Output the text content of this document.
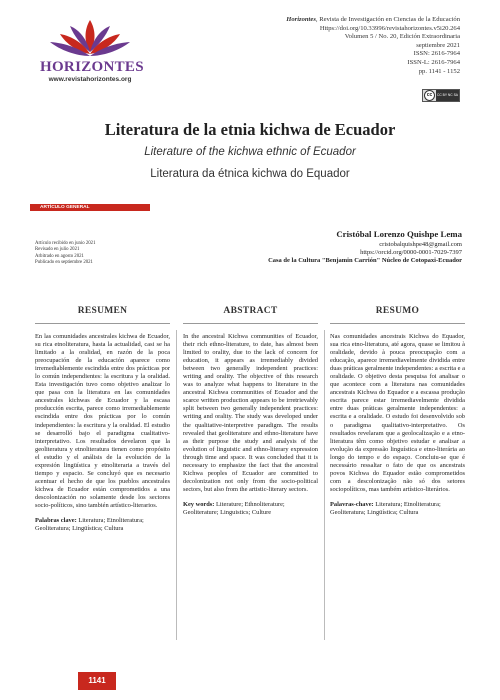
HORIZONTES
www.revistahorizontes.org
Horizontes, Revista de Investigación en Ciencias de la Educación
Https://doi.org/10.33996/revistahorizontes.v5i20.264
Volumen 5 / No. 20, Edición Extraordinaria
septiembre 2021
ISSN: 2616-7964
ISSN-L: 2616-7964
pp. 1141 - 1152
cc	CC BY NC SA
Literatura de la etnia kichwa de Ecuador
Literature of the kichwa ethnic of Ecuador
Literatura da étnica kichwa do Equador
ARTÍCULO GENERAL
Artículo recibido en junio 2021
Revisado en julio 2021
Arbitrado en agosto 2021
Publicado en septiembre 2021
Cristóbal Lorenzo Quishpe Lema
cristobalquishpe48@gmail.com
https://orcid.org/0000-0001-7029-7397
Casa de la Cultura "Benjamin Carrión" Núcleo de Cotopaxi-Ecuador
RESUMEN	ABSTRACT	RESUMO
En las comunidades ancestrales kichwa de Ecuador, su rica etnoliteratura, hasta la actualidad, casi se ha limitado a la oralidad, en razón de la poca preocupación de la educación aparece como irremediablemente escindida entre dos prácticas por lo común independientes: la escritura y la oralidad. Esta investigación tuvo como objetivo analizar lo que pasa con la literatura en las comunidades ancestrales kichwas de Ecuador y la escasa producción escrita, parece como irremediablemente escindida entre dos prácticas por lo común independientes: la escritura y la oralidad. El estudio se desarrolló bajo el paradigma cualitativo-interpretativo. Los resultados develaron que la geoliteratura y etnoliteratura tienen como propósito el estudio y el análisis de la evolución de la expresión lingüística y etnoliteraria a través del tiempo y espacio. Se concluyó que es necesario acentuar el hecho de que los pueblos ancestrales kichwa de Ecuador están comprometidos a una descolonización no solamente desde los sectores socio-políticos, sino también artístico-literarios.
Palabras clave: Literatura; Etnoliteratura; Geoliteratura; Lingüística; Cultura
In the ancestral Kichwa communities of Ecuador, their rich ethno-literature, to date, has almost been limited to orality, due to the lack of concern for education, it appears as irremediably divided between two generally independent practices: writing and orality. The objective of this research was to analyze what happens to literature in the ancestral Kichwa communities of Ecuador and the scarce written production appears to be irretrievably split between two generally independent practices: writing and orality. The study was developed under the qualitative-interpretive paradigm. The results revealed that geoliterature and ethno-literature have as their purpose the study and analysis of the evolution of linguistic and ethno-literary expression through time and space. It was concluded that it is necessary to emphasize the fact that the ancestral Kichwa peoples of Ecuador are committed to decolonization not only from the socio-political sectors, but also from the artistic-literary sectors.
Key words: Literature; Ethnoliterature; Geoliterature; Linguistics; Culture
Nas comunidades ancestrais Kichwa do Equador, sua rica etno-literatura, até agora, quase se limitou à oralidade, devido à pouca preocupação com a educação, aparece irremediavelmente dividida entre duas práticas geralmente independentes: a escrita e a oralidade. O objetivo desta pesquisa foi analisar o que acontece com a literatura nas comunidades ancestrais Kichwa do Equador e a escassa produção escrita parece estar irremediavelmente dividida entre duas práticas geralmente independentes: a escrita e a oralidade. O estudo foi desenvolvido sob o paradigma qualitativo-interpretativo. Os resultados revelaram que a geolocalização e a etno-literatura têm como objetivo estudar e analisar a evolução da expressão linguística e etno-literária ao longo do tempo e do espaço. Concluiu-se que é necessário ressaltar o fato de que os ancestrais povos Kichwa do Equador estão comprometidos com a descolonização não só dos setores sociopolíticos, mas também artístico-literários.
Palavras-chave: Literatura; Etnoliteratura; Geoliteratura; Lingüística; Cultura
1141
